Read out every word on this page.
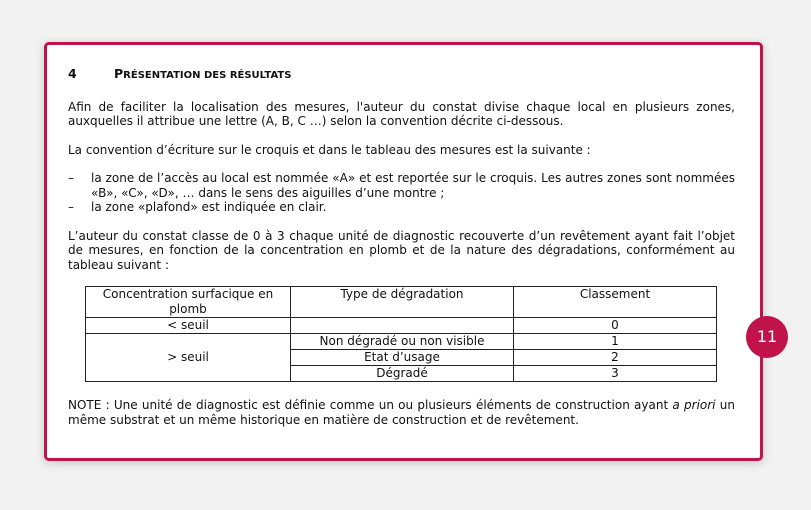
4	PRÉSENTATION DES RÉSULTATS

Afin de faciliter la localisation des mesures, l'auteur du constat divise chaque local en plusieurs zones, auxquelles il attribue une lettre (A, B, C …) selon la convention décrite ci-dessous.

La convention d’écriture sur le croquis et dans le tableau des mesures est la suivante :

– la zone de l’accès au local est nommée «A» et est reportée sur le croquis. Les autres zones sont nommées «B», «C», «D», … dans le sens des aiguilles d’une montre ;
– la zone «plafond» est indiquée en clair.

L’auteur du constat classe de 0 à 3 chaque unité de diagnostic recouverte d’un revêtement ayant fait l’objet de mesures, en fonction de la concentration en plomb et de la nature des dégradations, conformément au tableau suivant :

Concentration surfacique en plomb	Type de dégradation	Classement
< seuil		0
> seuil	Non dégradé ou non visible	1
	Etat d’usage	2
	Dégradé	3

NOTE : Une unité de diagnostic est définie comme un ou plusieurs éléments de construction ayant a priori un même substrat et un même historique en matière de construction et de revêtement.

11
